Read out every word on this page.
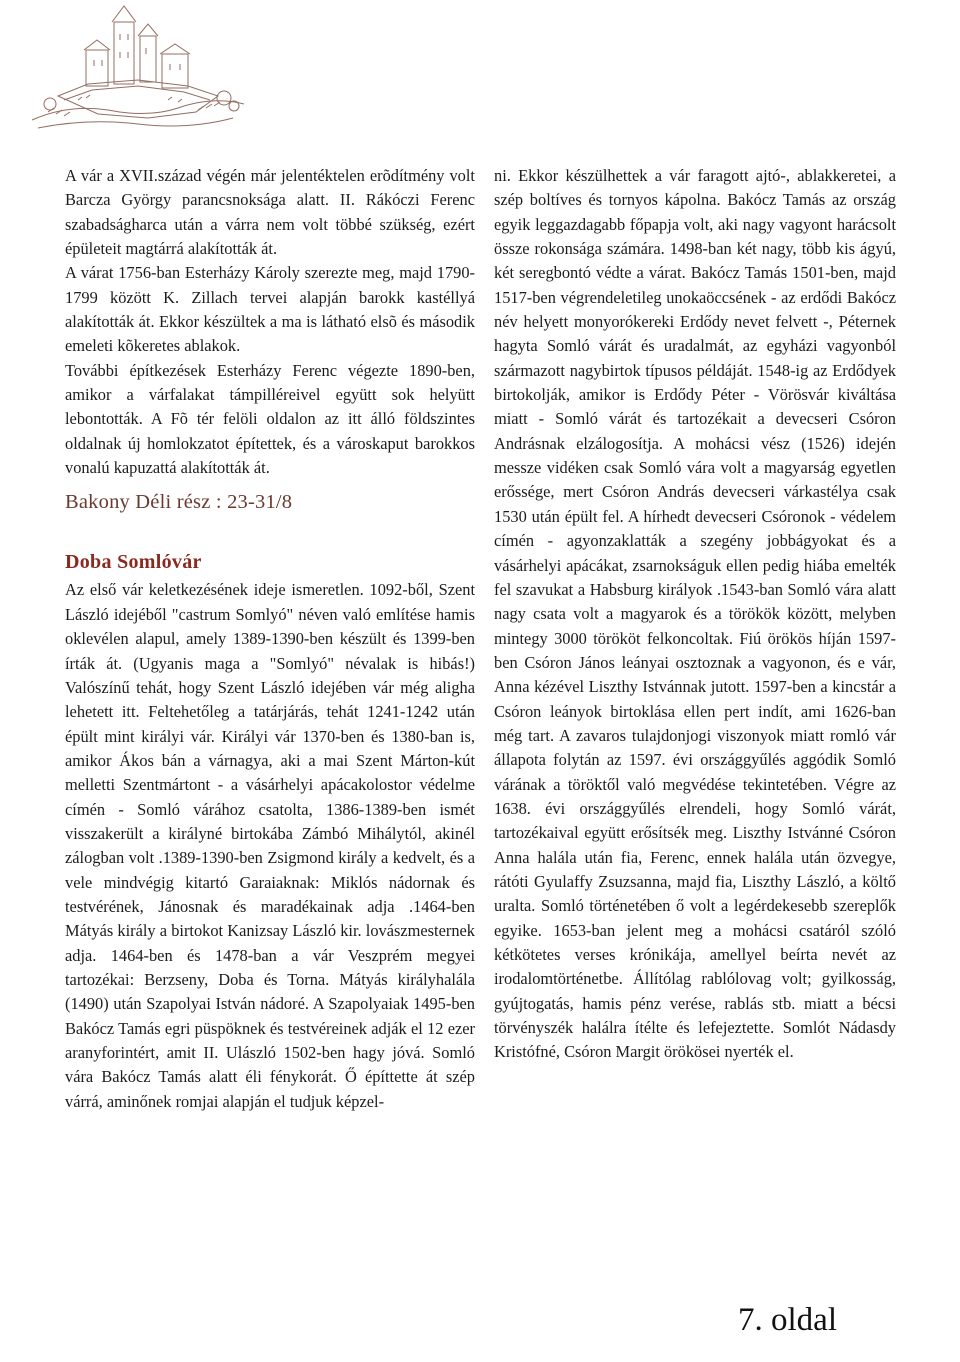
A vár a XVII.század végén már jelentéktelen erõdítmény volt Barcza György parancsnoksága alatt. II. Rákóczi Ferenc szabadságharca után a várra nem volt többé szükség, ezért épületeit magtárrá alakították át.

A várat 1756-ban Esterházy Károly szerezte meg, majd 1790-1799 között K. Zillach tervei alapján barokk kastéllyá alakították át. Ekkor készültek a ma is látható elsõ és második emeleti kõkeretes ablakok.

További építkezések Esterházy Ferenc végezte 1890-ben, amikor a várfalakat támpilléreivel együtt sok helyütt lebontották. A Fõ tér felöli oldalon az itt álló földszintes oldalnak új homlokzatot építettek, és a városkaput barokkos vonalú kapuzattá alakították át.

Bakony Déli rész : 23-31/8
Doba Somlóvár

Az első vár keletkezésének ideje ismeretlen. 1092-ből, Szent László idejéből "castrum Somlyó" néven való említése hamis oklevélen alapul, amely 1389-1390-ben készült és 1399-ben írták át. (Ugyanis maga a "Somlyó" névalak is hibás!) Valószínű tehát, hogy Szent László idejében vár még aligha lehetett itt. Feltehetőleg a tatárjárás, tehát 1241-1242 után épült mint királyi vár. Királyi vár 1370-ben és 1380-ban is, amikor Ákos bán a várnagya, aki a mai Szent Márton-kút melletti Szentmártont - a vásárhelyi apácakolostor védelme címén - Somló várához csatolta, 1386-1389-ben ismét visszakerült a királyné birtokába Zámbó Mihálytól, akinél zálogban volt .1389-1390-ben Zsigmond király a kedvelt, és a vele mindvégig kitartó Garaiaknak: Miklós nádornak és testvérének, Jánosnak és maradékainak adja .1464-ben Mátyás király a birtokot Kanizsay László kir. lovászmesternek adja. 1464-ben és 1478-ban a vár Veszprém megyei tartozékai: Berzseny, Doba és Torna. Mátyás királyhalála (1490) után Szapolyai István nádoré. A Szapolyaiak 1495-ben Bakócz Tamás egri püspöknek és testvéreinek adják el 12 ezer aranyforintért, amit II. Ulászló 1502-ben hagy jóvá. Somló vára Bakócz Tamás alatt éli fénykorát. Ő építtette át szép várrá, aminőnek romjai alapján el tudjuk képzel-

ni. Ekkor készülhettek a vár faragott ajtó-, ablakkeretei, a szép boltíves és tornyos kápolna. Bakócz Tamás az ország egyik leggazdagabb főpapja volt, aki nagy vagyont harácsolt össze rokonsága számára. 1498-ban két nagy, több kis ágyú, két seregbontó védte a várat. Bakócz Tamás 1501-ben, majd 1517-ben végrendeletileg unokaöccsének - az erdődi Bakócz név helyett monyorókereki Erdődy nevet felvett -, Péternek hagyta Somló várát és uradalmát, az egyházi vagyonból származott nagybirtok típusos példáját. 1548-ig az Erdődyek birtokolják, amikor is Erdődy Péter - Vörösvár kiváltása miatt - Somló várát és tartozékait a devecseri Csóron Andrásnak elzálogosítja. A mohácsi vész (1526) idején messze vidéken csak Somló vára volt a magyarság egyetlen erőssége, mert Csóron András devecseri várkastélya csak 1530 után épült fel. A hírhedt devecseri Csóronok - védelem címén - agyonzaklatták a szegény jobbágyokat és a vásárhelyi apácákat, zsarnokságuk ellen pedig hiába emelték fel szavukat a Habsburg királyok .1543-ban Somló vára alatt nagy csata volt a magyarok és a törökök között, melyben mintegy 3000 törököt felkoncoltak. Fiú örökös híján 1597-ben Csóron János leányai osztoznak a vagyonon, és e vár, Anna kézével Liszthy Istvánnak jutott. 1597-ben a kincstár a Csóron leányok birtoklása ellen pert indít, ami 1626-ban még tart. A zavaros tulajdonjogi viszonyok miatt romló vár állapota folytán az 1597. évi országgyűlés aggódik Somló várának a töröktől való megvédése tekintetében. Végre az 1638. évi országgyűlés elrendeli, hogy Somló várát, tartozékaival együtt erősítsék meg. Liszthy Istvánné Csóron Anna halála után fia, Ferenc, ennek halála után özvegye, rátóti Gyulaffy Zsuzsanna, majd fia, Liszthy László, a költő uralta. Somló történetében ő volt a legérdekesebb szereplők egyike. 1653-ban jelent meg a mohácsi csatáról szóló kétkötetes verses krónikája, amellyel beírta nevét az irodalomtörténetbe. Állítólag rablólovag volt; gyilkosság, gyújtogatás, hamis pénz verése, rablás stb. miatt a bécsi törvényszék halálra ítélte és lefejeztette. Somlót Nádasdy Kristófné, Csóron Margit örökösei nyerték el.

7. oldal
